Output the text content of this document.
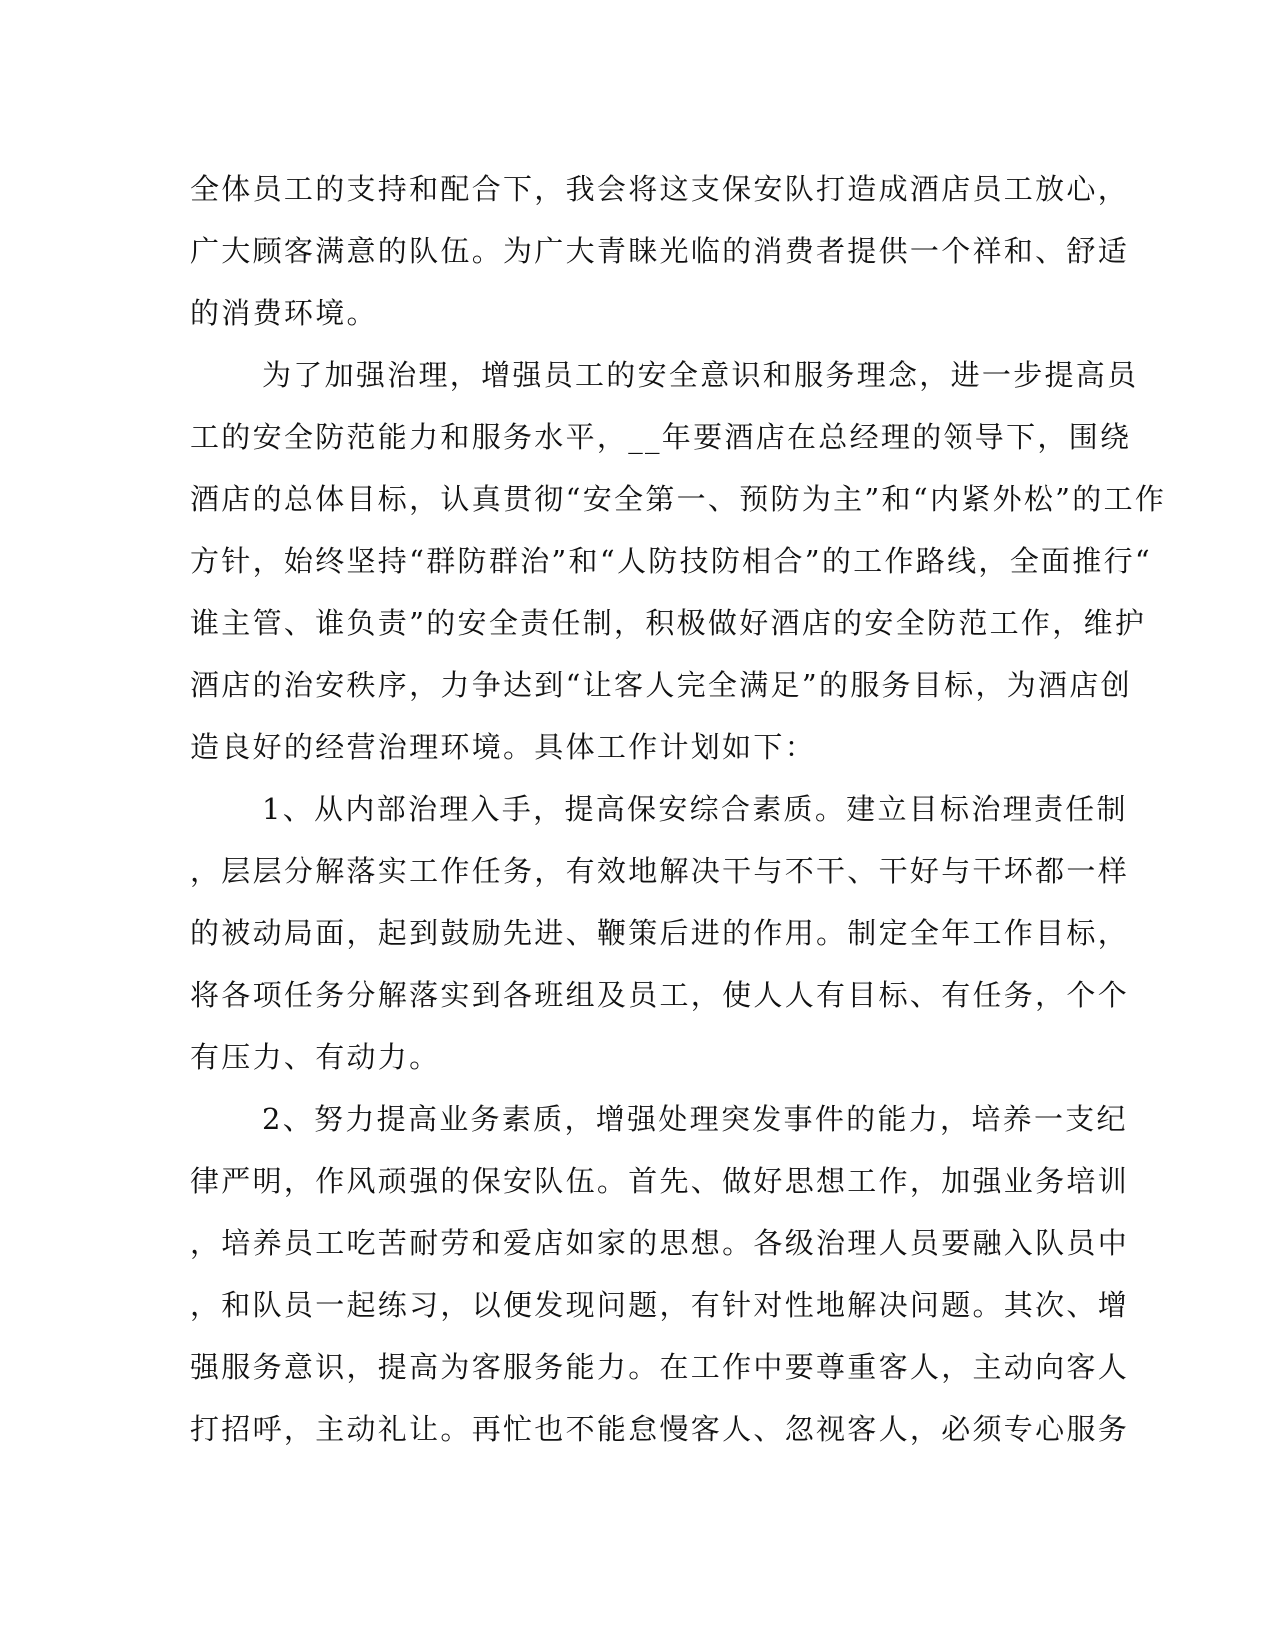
全体员工的支持和配合下，我会将这支保安队打造成酒店员工放心，
广大顾客满意的队伍。为广大青睐光临的消费者提供一个祥和、舒适
的消费环境。
为了加强治理，增强员工的安全意识和服务理念，进一步提高员
工的安全防范能力和服务水平，__年要酒店在总经理的领导下，围绕
酒店的总体目标，认真贯彻“安全第一、预防为主”和“内紧外松”的工作
方针，始终坚持“群防群治”和“人防技防相合”的工作路线，全面推行“
谁主管、谁负责”的安全责任制，积极做好酒店的安全防范工作，维护
酒店的治安秩序，力争达到“让客人完全满足”的服务目标，为酒店创
造良好的经营治理环境。具体工作计划如下：
1、从内部治理入手，提高保安综合素质。建立目标治理责任制
，层层分解落实工作任务，有效地解决干与不干、干好与干坏都一样
的被动局面，起到鼓励先进、鞭策后进的作用。制定全年工作目标，
将各项任务分解落实到各班组及员工，使人人有目标、有任务，个个
有压力、有动力。
2、努力提高业务素质，增强处理突发事件的能力，培养一支纪
律严明，作风顽强的保安队伍。首先、做好思想工作，加强业务培训
，培养员工吃苦耐劳和爱店如家的思想。各级治理人员要融入队员中
，和队员一起练习，以便发现问题，有针对性地解决问题。其次、增
强服务意识，提高为客服务能力。在工作中要尊重客人，主动向客人
打招呼，主动礼让。再忙也不能怠慢客人、忽视客人，必须专心服务
